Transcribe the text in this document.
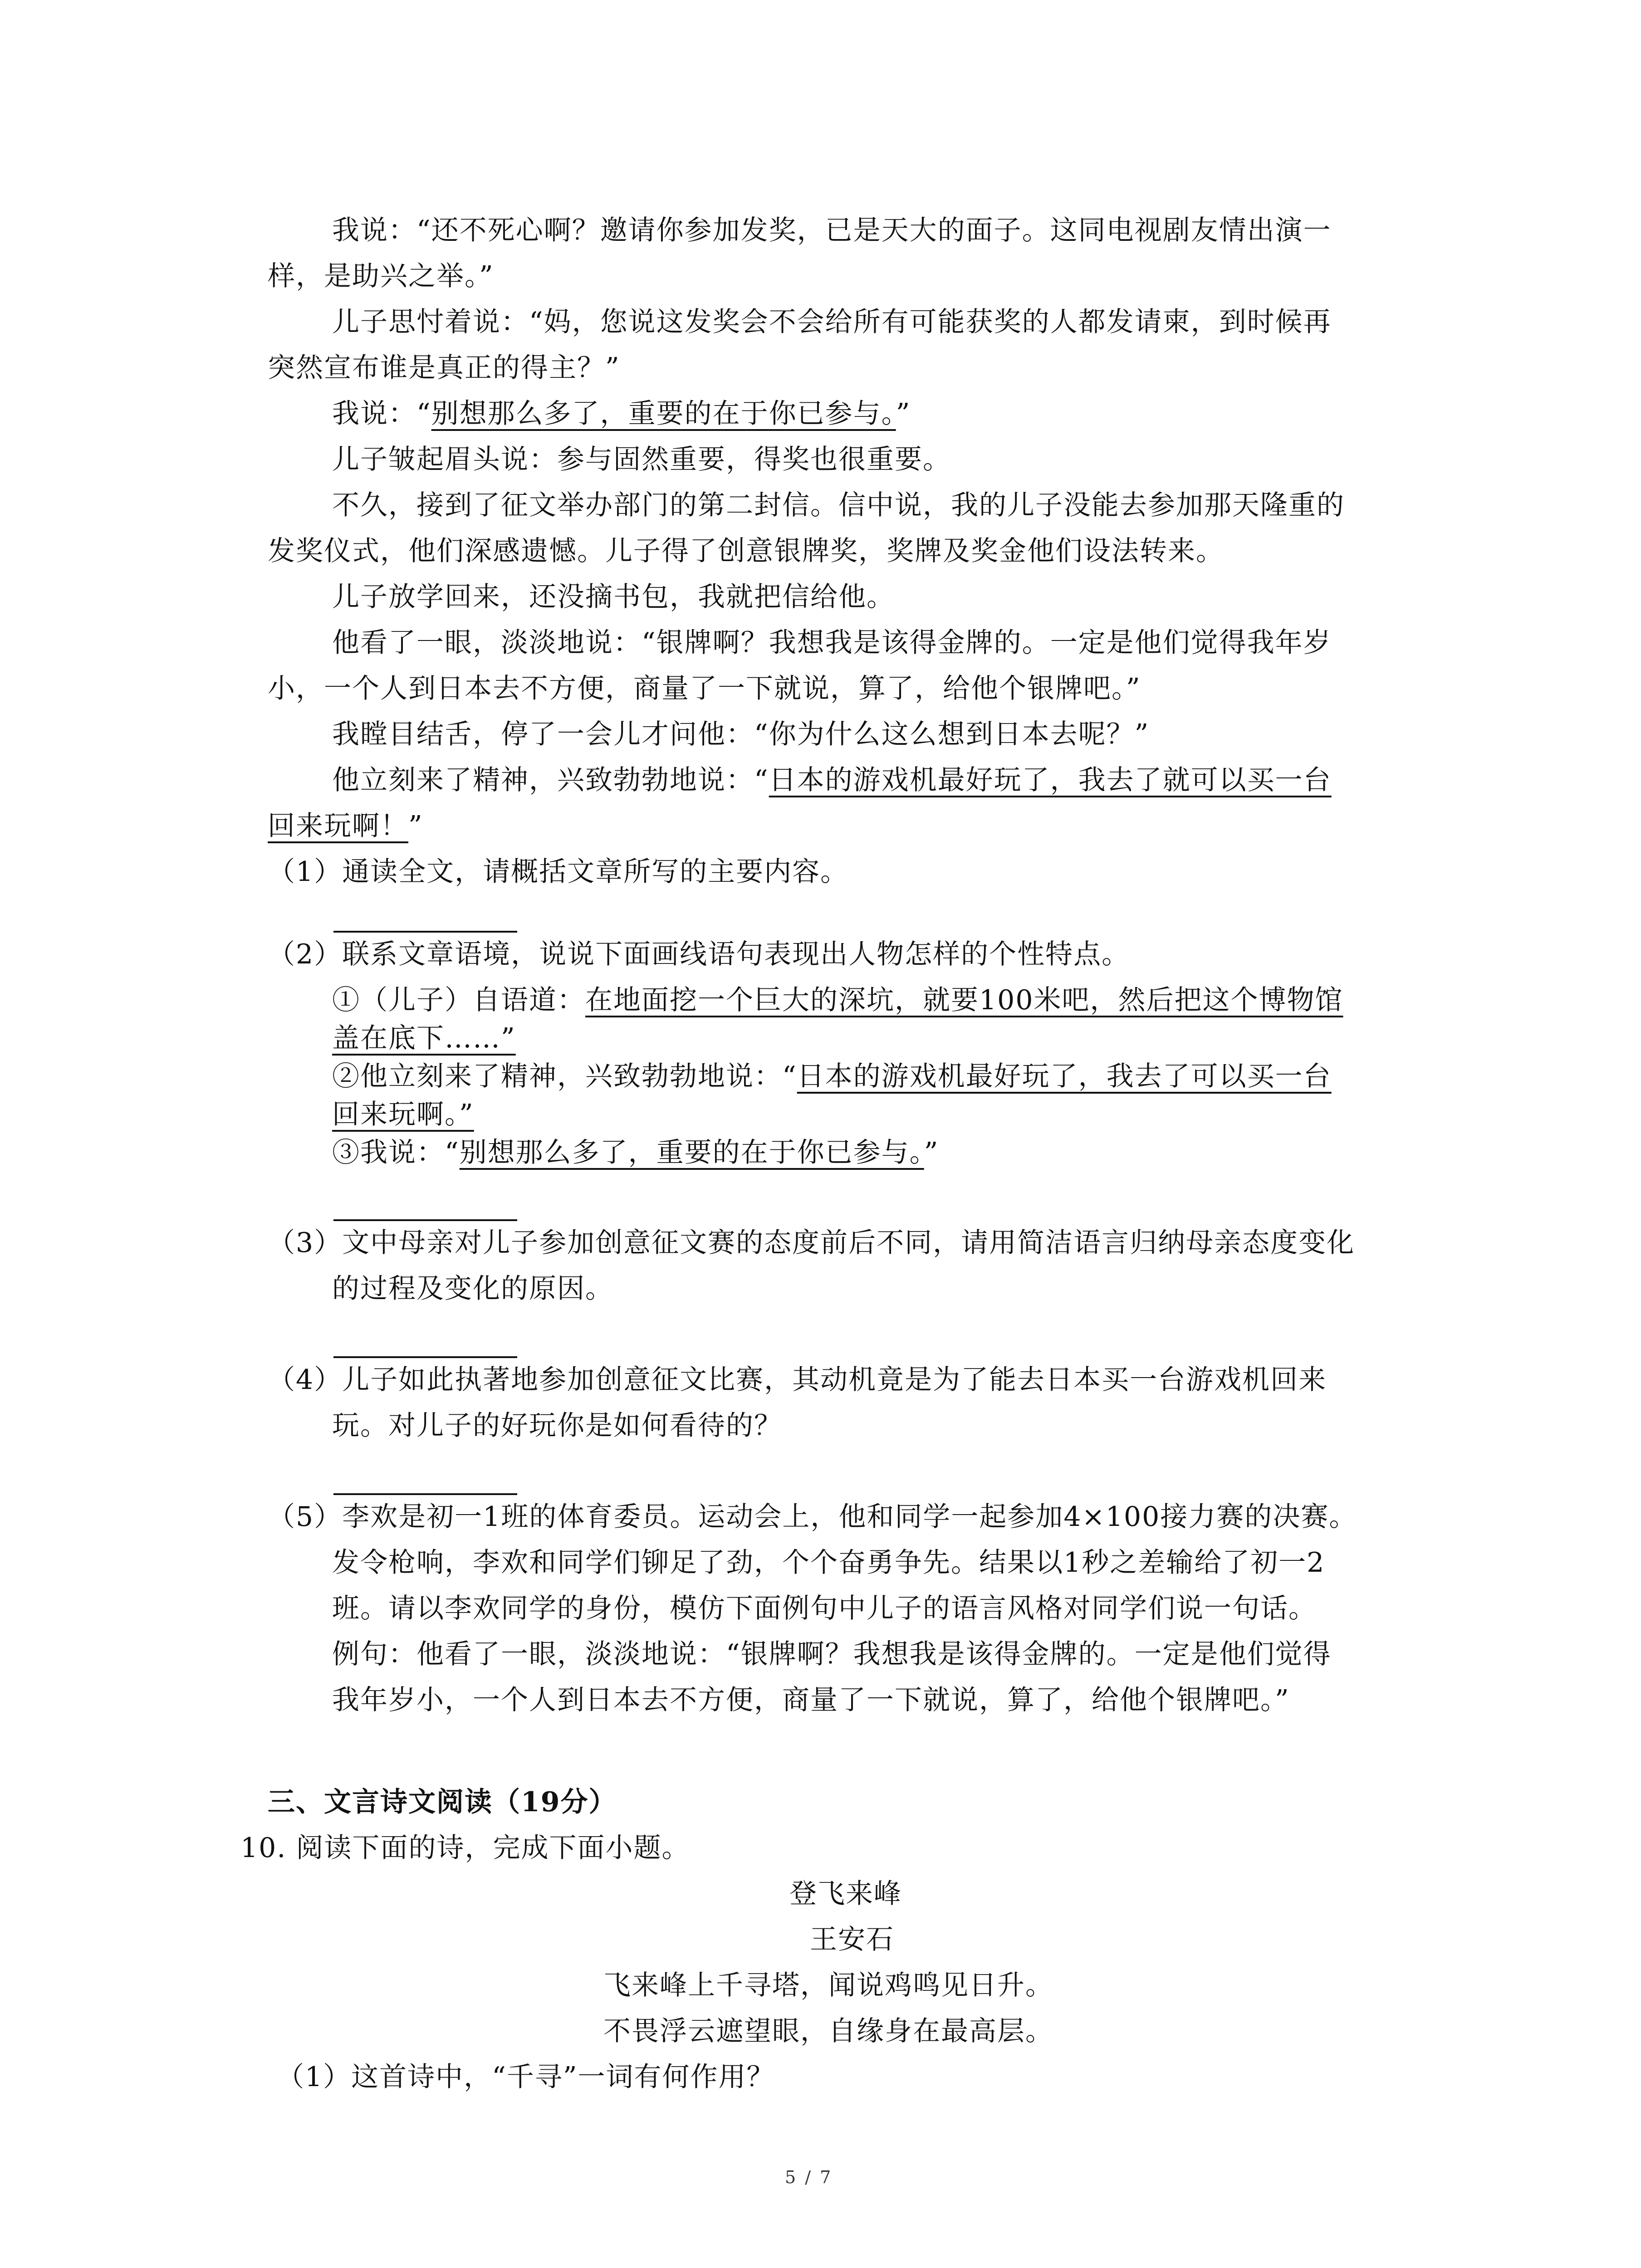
我说：“还不死心啊？邀请你参加发奖，已是天大的面子。这同电视剧友情出演一
样，是助兴之举。”
儿子思忖着说：“妈，您说这发奖会不会给所有可能获奖的人都发请柬，到时候再
突然宣布谁是真正的得主？”
我说：“别想那么多了，重要的在于你已参与。”
儿子皱起眉头说：参与固然重要，得奖也很重要。
不久，接到了征文举办部门的第二封信。信中说，我的儿子没能去参加那天隆重的
发奖仪式，他们深感遗憾。儿子得了创意银牌奖，奖牌及奖金他们设法转来。
儿子放学回来，还没摘书包，我就把信给他。
他看了一眼，淡淡地说：“银牌啊？我想我是该得金牌的。一定是他们觉得我年岁
小，一个人到日本去不方便，商量了一下就说，算了，给他个银牌吧。”
我瞠目结舌，停了一会儿才问他：“你为什么这么想到日本去呢？”
他立刻来了精神，兴致勃勃地说：“日本的游戏机最好玩了，我去了就可以买一台
回来玩啊！”
（1）通读全文，请概括文章所写的主要内容。
（2）联系文章语境，说说下面画线语句表现出人物怎样的个性特点。
①（儿子）自语道：在地面挖一个巨大的深坑，就要100米吧，然后把这个博物馆
盖在底下……”
②他立刻来了精神，兴致勃勃地说：“日本的游戏机最好玩了，我去了可以买一台
回来玩啊。”
③我说：“别想那么多了，重要的在于你已参与。”
（3）文中母亲对儿子参加创意征文赛的态度前后不同，请用简洁语言归纳母亲态度变化
的过程及变化的原因。
（4）儿子如此执著地参加创意征文比赛，其动机竟是为了能去日本买一台游戏机回来
玩。对儿子的好玩你是如何看待的？
（5）李欢是初一1班的体育委员。运动会上，他和同学一起参加4×100接力赛的决赛。
发令枪响，李欢和同学们铆足了劲，个个奋勇争先。结果以1秒之差输给了初一2
班。请以李欢同学的身份，模仿下面例句中儿子的语言风格对同学们说一句话。
例句：他看了一眼，淡淡地说：“银牌啊？我想我是该得金牌的。一定是他们觉得
我年岁小，一个人到日本去不方便，商量了一下就说，算了，给他个银牌吧。”
三、文言诗文阅读（19分）
10. 阅读下面的诗，完成下面小题。
登飞来峰
王安石
飞来峰上千寻塔，闻说鸡鸣见日升。
不畏浮云遮望眼，自缘身在最高层。
（1）这首诗中，“千寻”一词有何作用？
5 / 7
